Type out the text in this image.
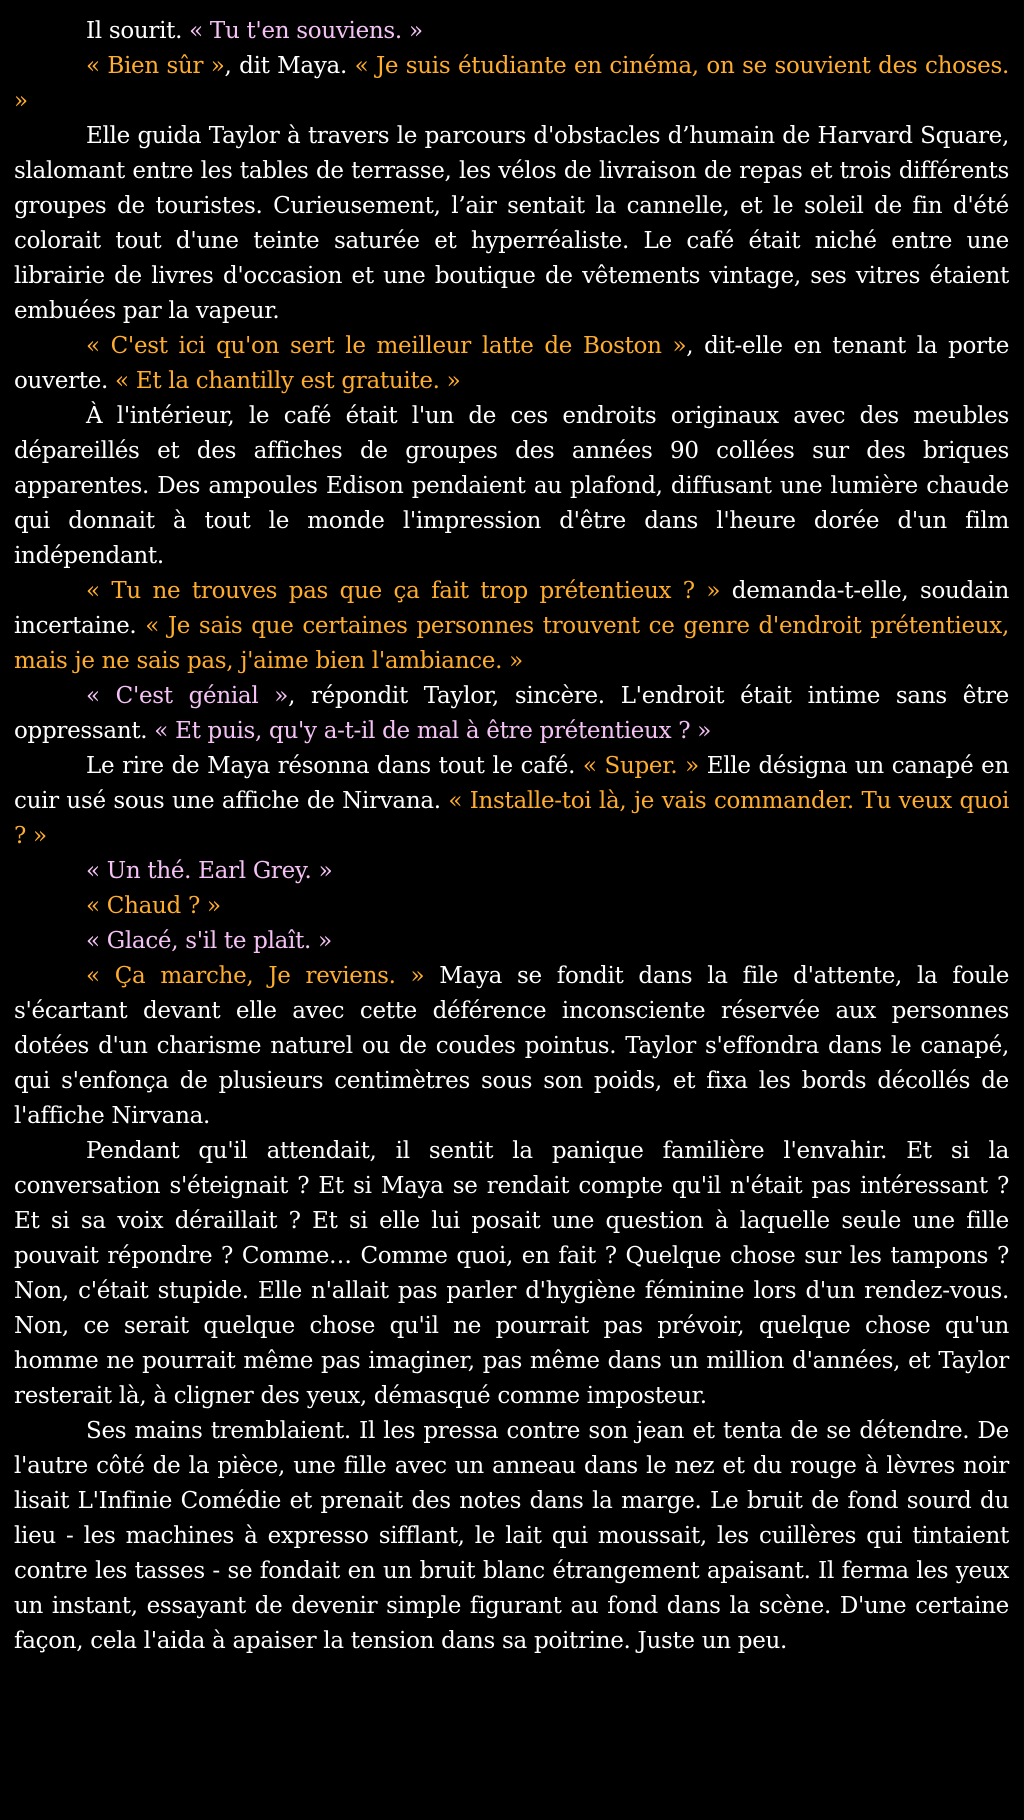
Il sourit. « Tu t'en souviens. »

« Bien sûr », dit Maya. « Je suis étudiante en cinéma, on se souvient des choses. »

Elle guida Taylor à travers le parcours d'obstacles d’humain de Harvard Square, slalomant entre les tables de terrasse, les vélos de livraison de repas et trois différents groupes de touristes. Curieusement, l’air sentait la cannelle, et le soleil de fin d'été colorait tout d'une teinte saturée et hyperréaliste. Le café était niché entre une librairie de livres d'occasion et une boutique de vêtements vintage, ses vitres étaient embuées par la vapeur.

« C'est ici qu'on sert le meilleur latte de Boston », dit-elle en tenant la porte ouverte. « Et la chantilly est gratuite. »

À l'intérieur, le café était l'un de ces endroits originaux avec des meubles dépareillés et des affiches de groupes des années 90 collées sur des briques apparentes. Des ampoules Edison pendaient au plafond, diffusant une lumière chaude qui donnait à tout le monde l'impression d'être dans l'heure dorée d'un film indépendant.

« Tu ne trouves pas que ça fait trop prétentieux ? » demanda-t-elle, soudain incertaine. « Je sais que certaines personnes trouvent ce genre d'endroit prétentieux, mais je ne sais pas, j'aime bien l'ambiance. »

« C'est génial », répondit Taylor, sincère. L'endroit était intime sans être oppressant. « Et puis, qu'y a-t-il de mal à être prétentieux ? »

Le rire de Maya résonna dans tout le café. « Super. » Elle désigna un canapé en cuir usé sous une affiche de Nirvana. « Installe-toi là, je vais commander. Tu veux quoi ? »

« Un thé. Earl Grey. »

« Chaud ? »

« Glacé, s'il te plaît. »

« Ça marche, Je reviens. » Maya se fondit dans la file d'attente, la foule s'écartant devant elle avec cette déférence inconsciente réservée aux personnes dotées d'un charisme naturel ou de coudes pointus. Taylor s'effondra dans le canapé, qui s'enfonça de plusieurs centimètres sous son poids, et fixa les bords décollés de l'affiche Nirvana.

Pendant qu'il attendait, il sentit la panique familière l'envahir. Et si la conversation s'éteignait ? Et si Maya se rendait compte qu'il n'était pas intéressant ? Et si sa voix déraillait ? Et si elle lui posait une question à laquelle seule une fille pouvait répondre ? Comme… Comme quoi, en fait ? Quelque chose sur les tampons ? Non, c'était stupide. Elle n'allait pas parler d'hygiène féminine lors d'un rendez-vous. Non, ce serait quelque chose qu'il ne pourrait pas prévoir, quelque chose qu'un homme ne pourrait même pas imaginer, pas même dans un million d'années, et Taylor resterait là, à cligner des yeux, démasqué comme imposteur.

Ses mains tremblaient. Il les pressa contre son jean et tenta de se détendre. De l'autre côté de la pièce, une fille avec un anneau dans le nez et du rouge à lèvres noir lisait L'Infinie Comédie et prenait des notes dans la marge. Le bruit de fond sourd du lieu - les machines à expresso sifflant, le lait qui moussait, les cuillères qui tintaient contre les tasses - se fondait en un bruit blanc étrangement apaisant. Il ferma les yeux un instant, essayant de devenir simple figurant au fond dans la scène. D'une certaine façon, cela l'aida à apaiser la tension dans sa poitrine. Juste un peu.
